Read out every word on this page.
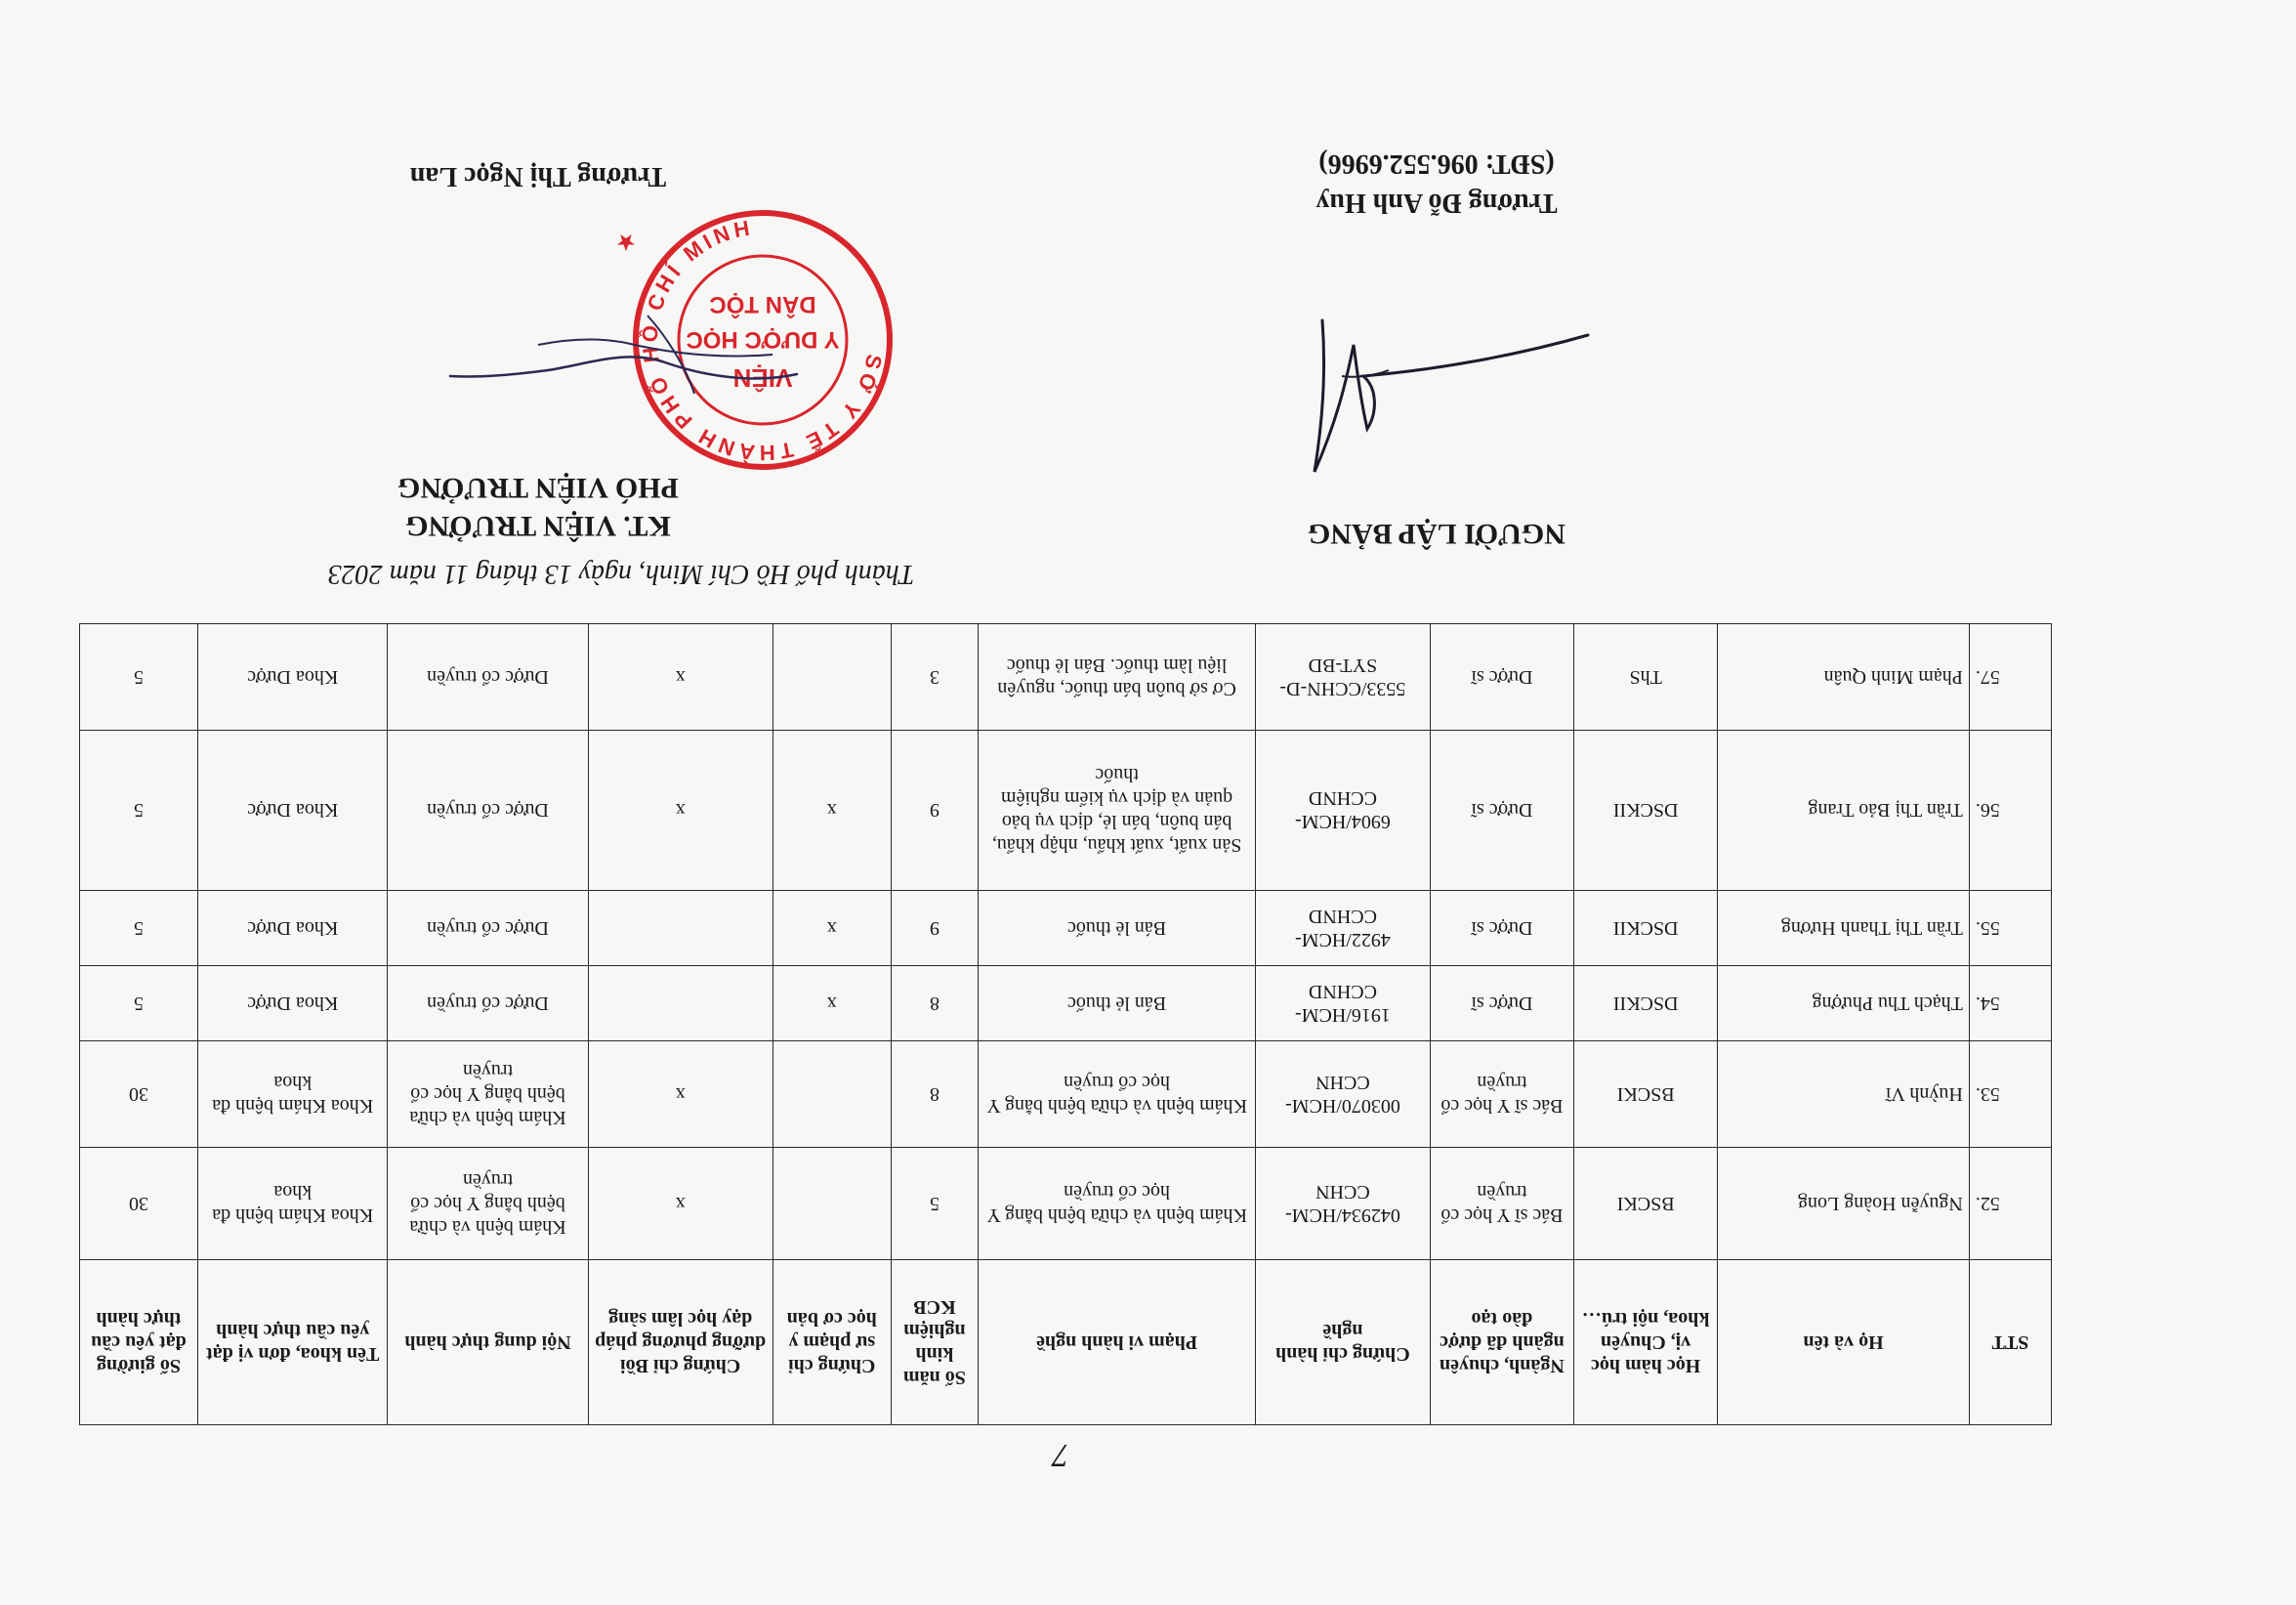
7
STT	Họ và tên	Học hàm học vị, Chuyên khoa, nội trú…	Ngành, chuyên ngành đã được đào tạo	Chứng chỉ hành nghề	Phạm vi hành nghề	Số năm kinh nghiệm KCB	Chứng chỉ sư phạm y học cơ bản	Chứng chỉ Bồi dưỡng phương pháp dạy học lâm sàng	Nội dung thực hành	Tên khoa, đơn vị đạt yêu cầu thực hành	Số giường đạt yêu cầu thực hành
52.	Nguyễn Hoàng Long	BSCKI	Bác sĩ Y học cổ truyền	042934/HCM-CCHN	Khám bệnh và chữa bệnh bằng Y học cổ truyền	5		x	Khám bệnh và chữa bệnh bằng Y học cổ truyền	Khoa Khám bệnh đa khoa	30
53.	Huỳnh Vĩ	BSCKI	Bác sĩ Y học cổ truyền	003070/HCM-CCHN	Khám bệnh và chữa bệnh bằng Y học cổ truyền	8		x	Khám bệnh và chữa bệnh bằng Y học cổ truyền	Khoa Khám bệnh đa khoa	30
54.	Thạch Thu Phượng	DSCKII	Dược sĩ	1916/HCM-CCHND	Bán lẻ thuốc	8	x		Dược cổ truyền	Khoa Dược	5
55.	Trần Thị Thanh Hương	DSCKII	Dược sĩ	4922/HCM-CCHND	Bán lẻ thuốc	9	x		Dược cổ truyền	Khoa Dược	5
56.	Trần Thị Bảo Trang	DSCKII	Dược sĩ	6904/HCM-CCHND	Sản xuất, xuất khẩu, nhập khẩu, bán buôn, bán lẻ, dịch vụ bảo quản và dịch vụ kiểm nghiệm thuốc	9	x	x	Dược cổ truyền	Khoa Dược	5
57.	Phạm Minh Quân	ThS	Dược sĩ	5533/CCHN-D-SYT-BD	Cơ sở buôn bán thuốc, nguyên liệu làm thuốc. Bán lẻ thuốc	3		x	Dược cổ truyền	Khoa Dược	5
Thành phố Hồ Chí Minh, ngày 13 tháng 11 năm 2023
KT. VIỆN TRƯỞNG
PHÓ VIỆN TRƯỞNG
Trương Thị Ngọc Lan
NGƯỜI LẬP BẢNG
Trương Đỗ Anh Huy
(SĐT: 096.552.6966)
SỞ Y TẾ THÀNH PHỐ HỒ CHÍ MINH
VIỆN
Y DƯỢC HỌC
DÂN TỘC
